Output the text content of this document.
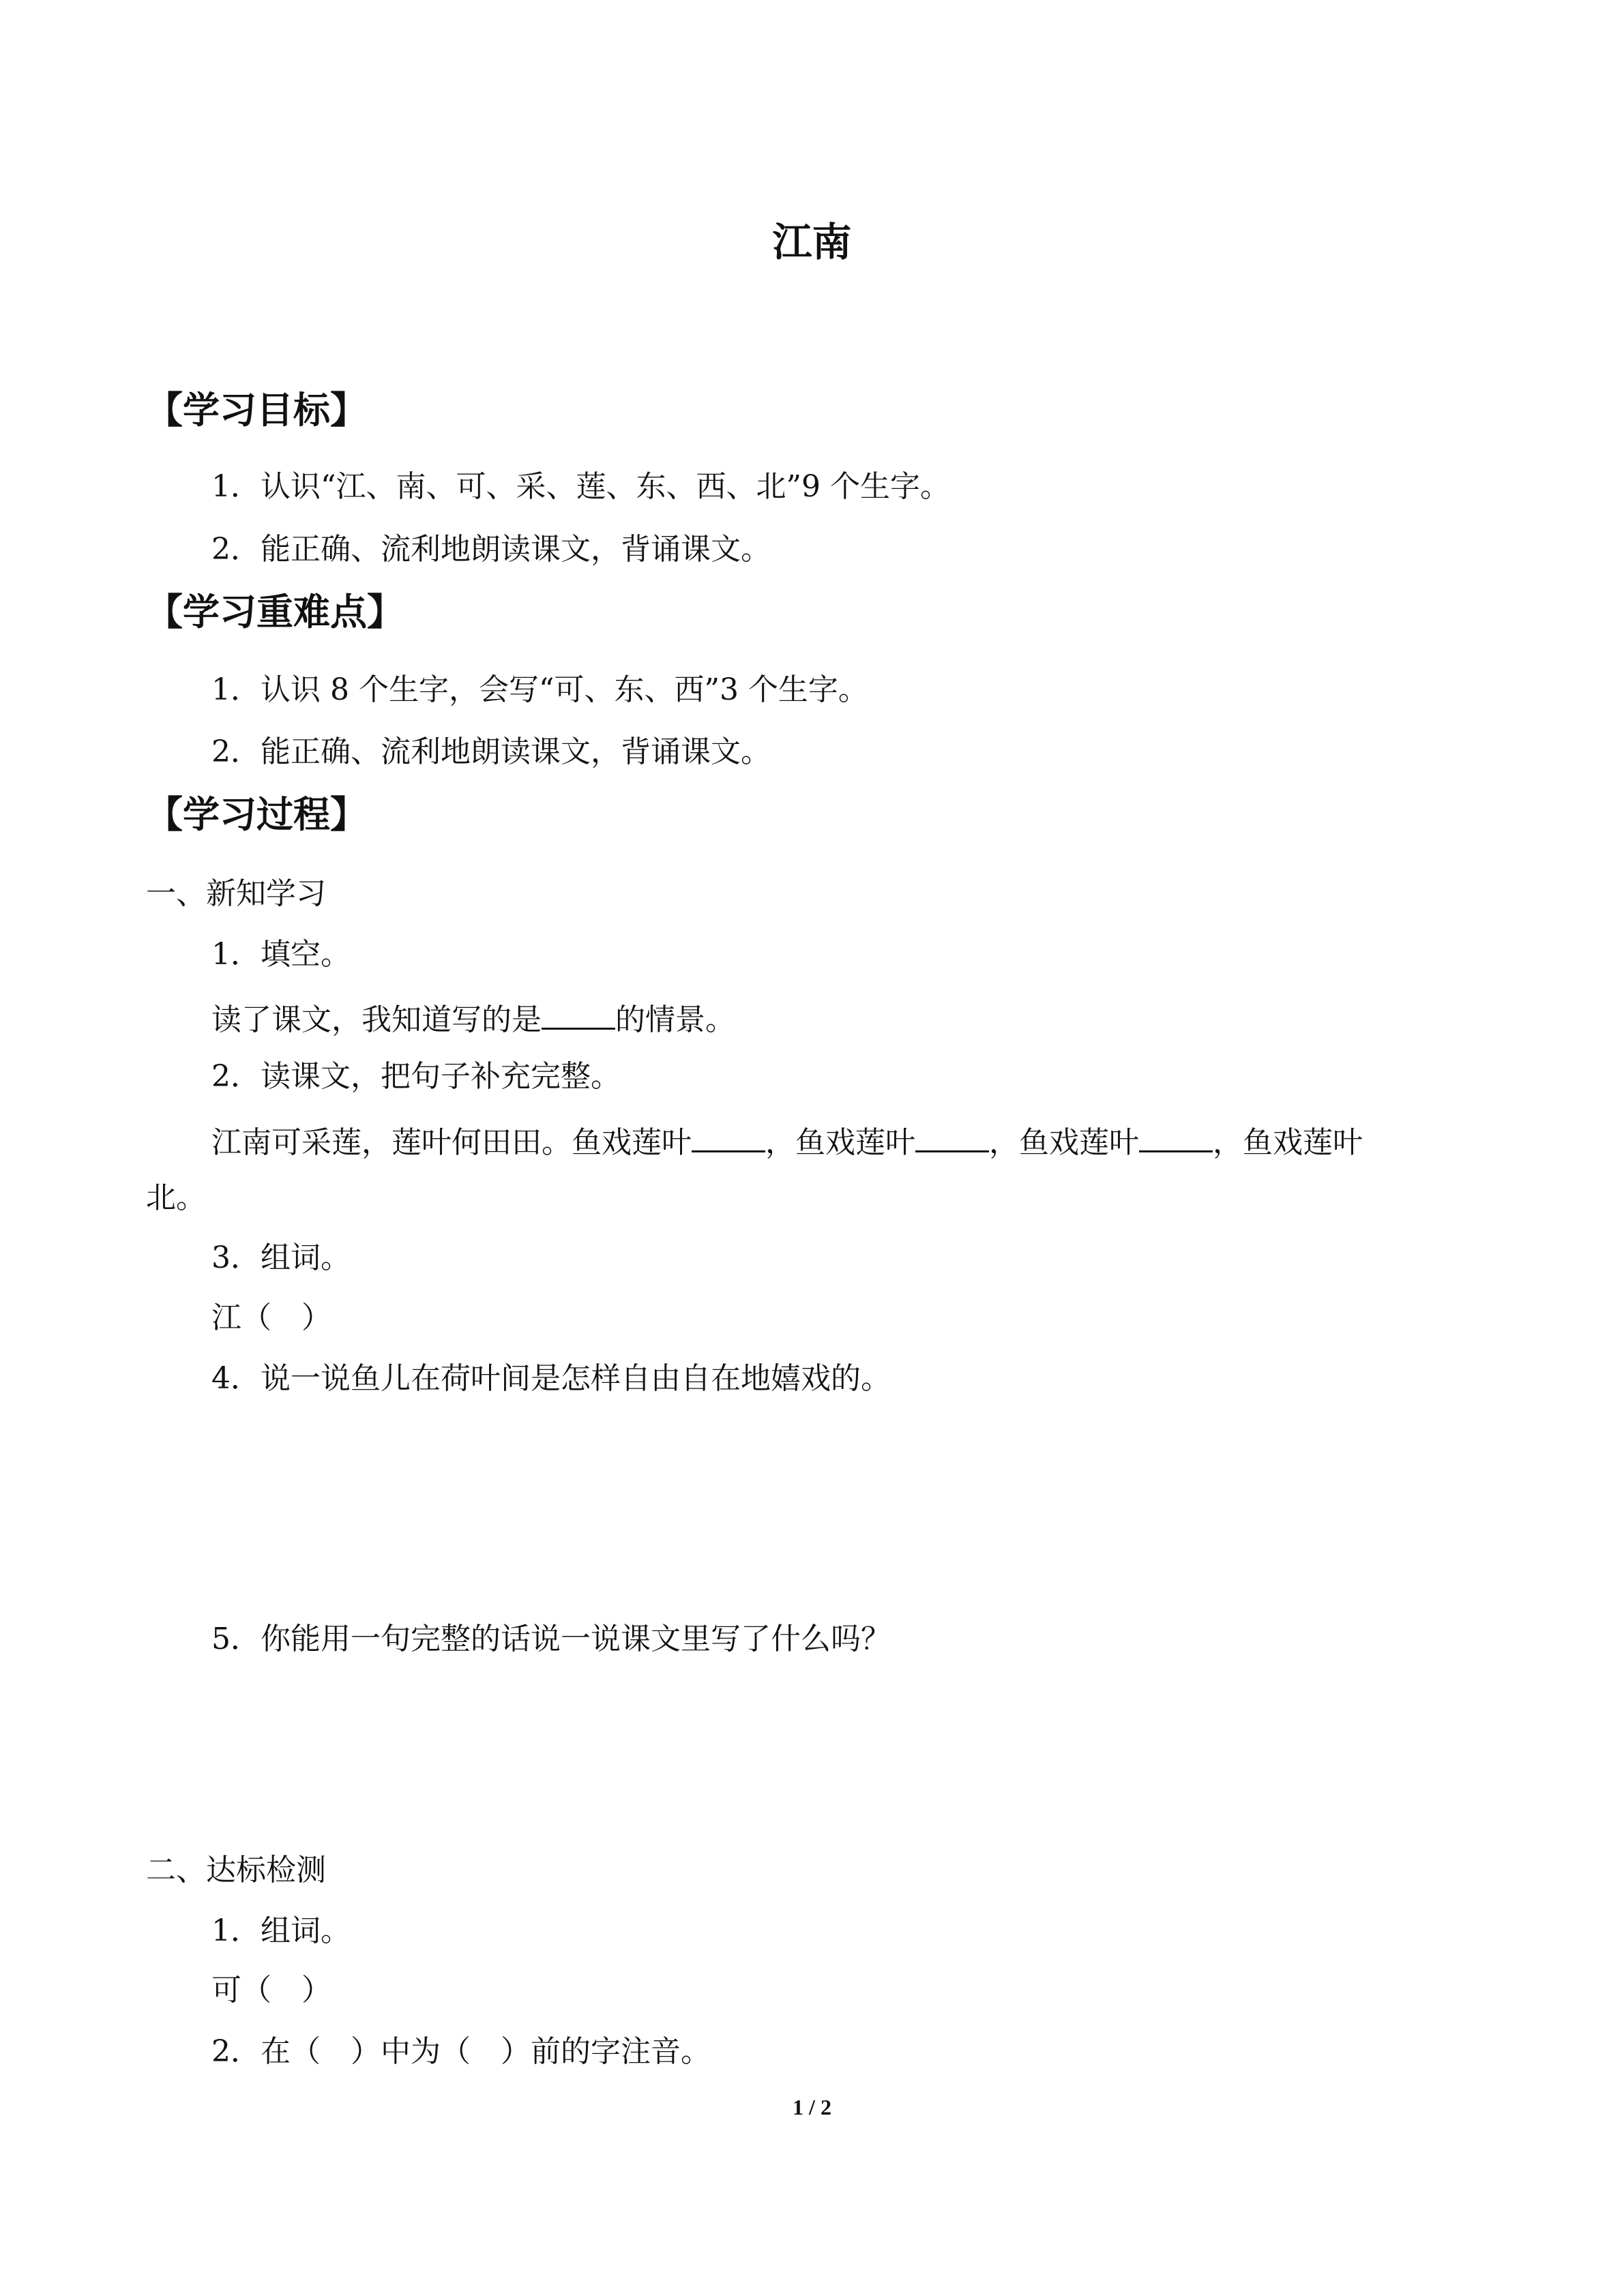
江南
【学习目标】
1．认识“江、南、可、采、莲、东、西、北”9 个生字。
2．能正确、流利地朗读课文，背诵课文。
【学习重难点】
1．认识 8 个生字，会写“可、东、西”3 个生字。
2．能正确、流利地朗读课文，背诵课文。
【学习过程】
一、新知学习
1．填空。
读了课文，我知道写的是 的情景。
2．读课文，把句子补充完整。
江南可采莲，莲叶何田田。鱼戏莲叶 ，鱼戏莲叶 ，鱼戏莲叶 ，鱼戏莲叶
北。
3．组词。
江（　）
4．说一说鱼儿在荷叶间是怎样自由自在地嬉戏的。
5．你能用一句完整的话说一说课文里写了什么吗？
二、达标检测
1．组词。
可（　）
2．在（　）中为（　）前的字注音。
1 / 2
